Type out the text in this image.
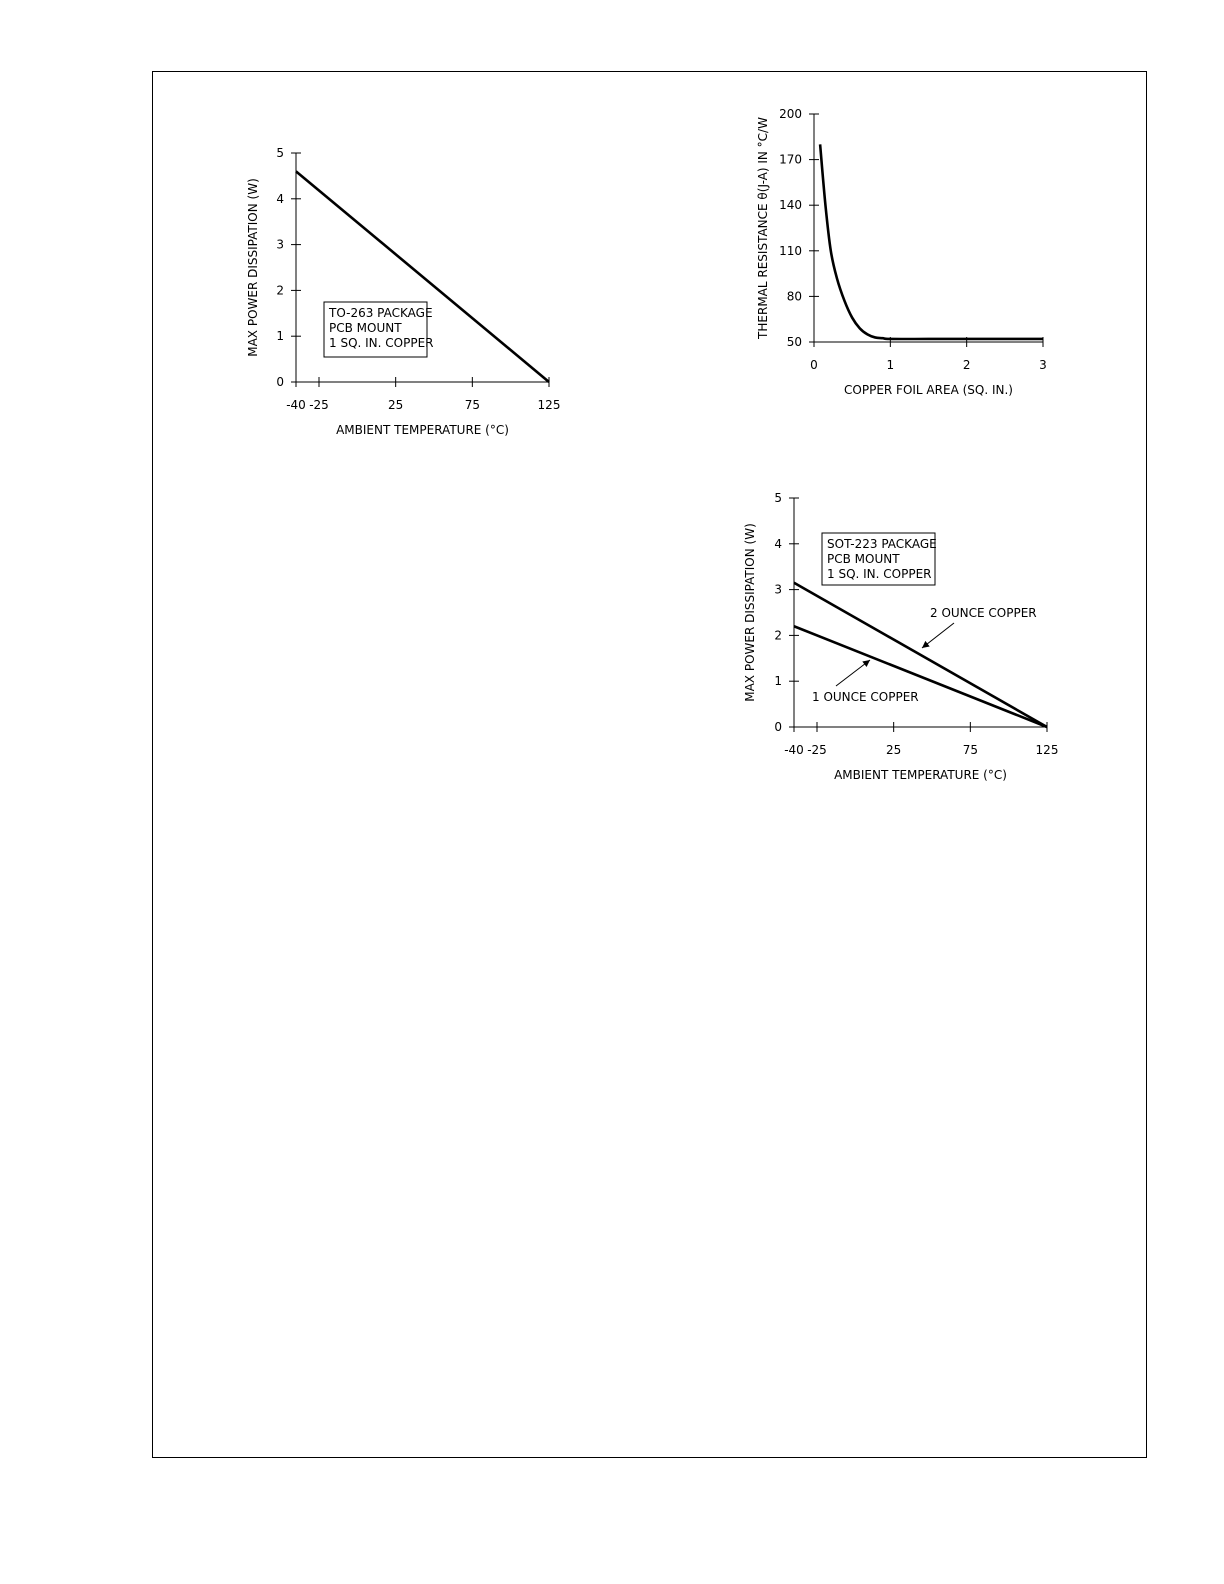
-40 -25	25	75	125
0
1
2
3
4
5
AMBIENT TEMPERATURE (°C)
MAX POWER DISSIPATION (W)	TO-263 PACKAGE
PCB MOUNT
1 SQ. IN. COPPER
0	1	2	3
50
80
110
140
170
200
COPPER FOIL AREA (SQ. IN.)
THERMAL RESISTANCE θ(J-A) IN °C/W
-40 -25	25	75	125
0
1
2
3
4
5
AMBIENT TEMPERATURE (°C)
MAX POWER DISSIPATION (W)	SOT-223 PACKAGE
PCB MOUNT
1 SQ. IN. COPPER
2 OUNCE COPPER
1 OUNCE COPPER
